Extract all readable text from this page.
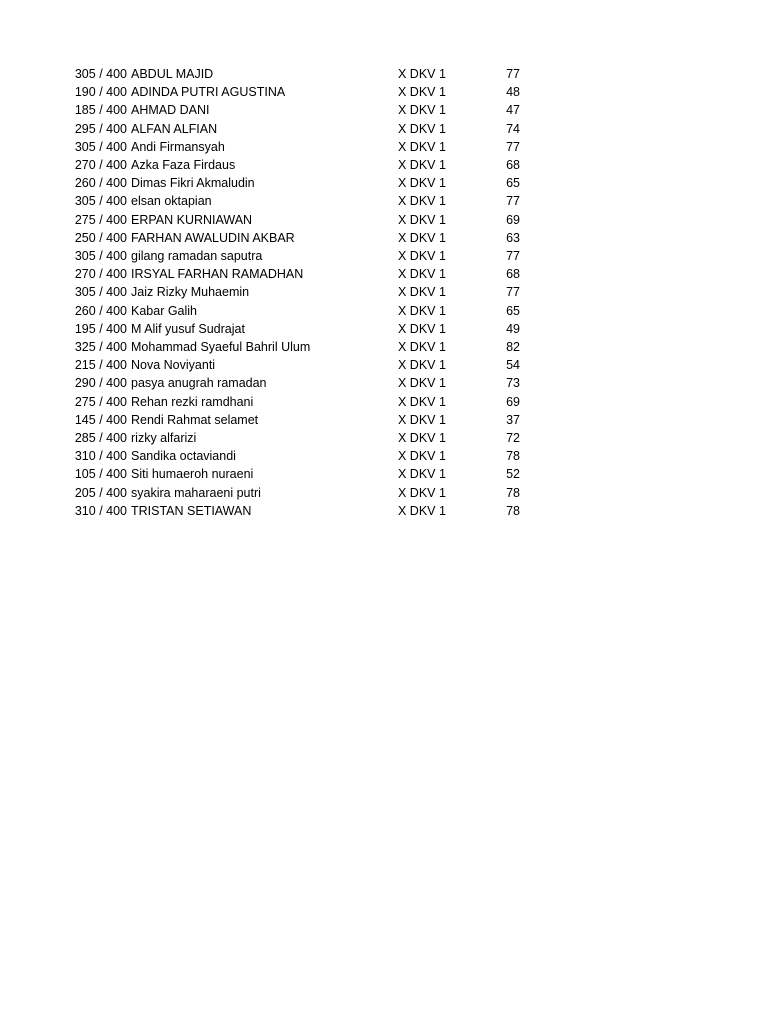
305 / 400	ABDUL MAJID	X DKV 1	77
190 / 400	ADINDA PUTRI AGUSTINA	X DKV 1	48
185 / 400	AHMAD DANI	X DKV 1	47
295 / 400	ALFAN ALFIAN	X DKV 1	74
305 / 400	Andi Firmansyah	X DKV 1	77
270 / 400	Azka Faza Firdaus	X DKV 1	68
260 / 400	Dimas Fikri Akmaludin	X DKV 1	65
305 / 400	elsan oktapian	X DKV 1	77
275 / 400	ERPAN KURNIAWAN	X DKV 1	69
250 / 400	FARHAN AWALUDIN AKBAR	X DKV 1	63
305 / 400	gilang ramadan saputra	X DKV 1	77
270 / 400	IRSYAL FARHAN RAMADHAN	X DKV 1	68
305 / 400	Jaiz Rizky Muhaemin	X DKV 1	77
260 / 400	Kabar Galih	X DKV 1	65
195 / 400	M Alif yusuf Sudrajat	X DKV 1	49
325 / 400	Mohammad Syaeful Bahril Ulum	X DKV 1	82
215 / 400	Nova Noviyanti	X DKV 1	54
290 / 400	pasya anugrah ramadan	X DKV 1	73
275 / 400	Rehan rezki ramdhani	X DKV 1	69
145 / 400	Rendi Rahmat selamet	X DKV 1	37
285 / 400	rizky alfarizi	X DKV 1	72
310 / 400	Sandika octaviandi	X DKV 1	78
105 / 400	Siti humaeroh nuraeni	X DKV 1	52
205 / 400	syakira maharaeni putri	X DKV 1	78
310 / 400	TRISTAN SETIAWAN	X DKV 1	78
